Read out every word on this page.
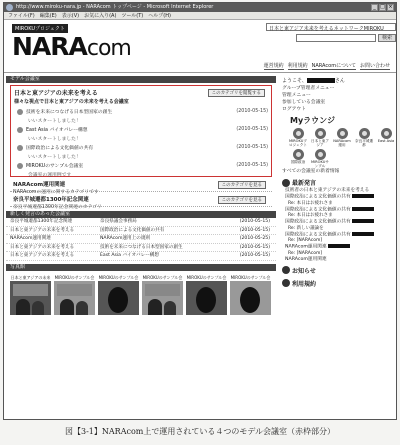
http://www.miroku-nara.jp - NARAcom トップページ - Microsoft Internet Explorer	_ □ ×
ファイル(F) 編集(E) 表示(V) お気に入り(A) ツール(T) ヘルプ(H)
MIROKUプロジェクト
NARAcom
日本と東アジア未来を考えるネットワークMIROKU
検索
運営規約 利用規約 NARAcomについて お問い合わせ
モデル会議室
日本と東アジアの未来を考える
様々な視点で日本と東アジアの未来を考える会議室
このカテゴリを閲覧する
技術を未来につなげる日本型国家の創生	(2010-05-15)
いいスタートしました！
East Asia バイオバレー構想	(2010-05-15)
いいスタートしました！
国際政治による文化価値の共有	(2010-05-15)
いいスタートしました！
MIROKUのサンプル会議室	(2010-05-15)
会議室の運用例です
NARAcom運用関連
NARAcomの運用に関するカテゴリです
このカテゴリを見る
奈良平城遷都1300年記念関連
奈良平城遷都1300年記念関連のカテゴリ
このカテゴリを見る
新しく発言のあった会議室
奈良平城遷都1300年記念関連	奈良県議会事務局	(2010-05-15)
日本と東アジアの未来を考える	国際政治による文化価値の共有	(2010-05-15)
NARAcom運用関連	NARAcom運用上の規則	(2010-05-25)
日本と東アジアの未来を考える	技術を未来につなげる日本型国家の創生	(2010-05-15)
日本と東アジアの未来を考える	East Asia バイオバレー構想	(2010-05-15)
写真館
日本と東アジアの未来 MIROKUのサンプル会 MIROKUのサンプル会 MIROKUのサンプル会 MIROKUのサンプル会 MIROKUのサンプル会
ようこそ、	さん
グループ管理者メニュー
管理メニュー
参加している会議室
ログアウト
Myラウンジ
MIROKUプロジェクト
日本と東アジア
NARAcom運用
奈良平城遷都
East Asia
国際政治	MIROKUサンプル
すべての会議室の新着情報
最新発言
技術者の日本と東アジアの未来を考える
国際政治による文化価値の共有
Re: 本日はお疲れさま
国際政治による文化価値の共有
Re: 本日はお疲れさま
国際政治による文化価値の共有
Re: 新しい議論を
国際政治による文化価値の共有
Re: [NARAcom]
NARAcom運用関連
Re: [NARAcom]
NARAcom運用関連
お知らせ
利用規約
図【3-1】NARAcom上で運用されている４つのモデル会議室（赤枠部分）
